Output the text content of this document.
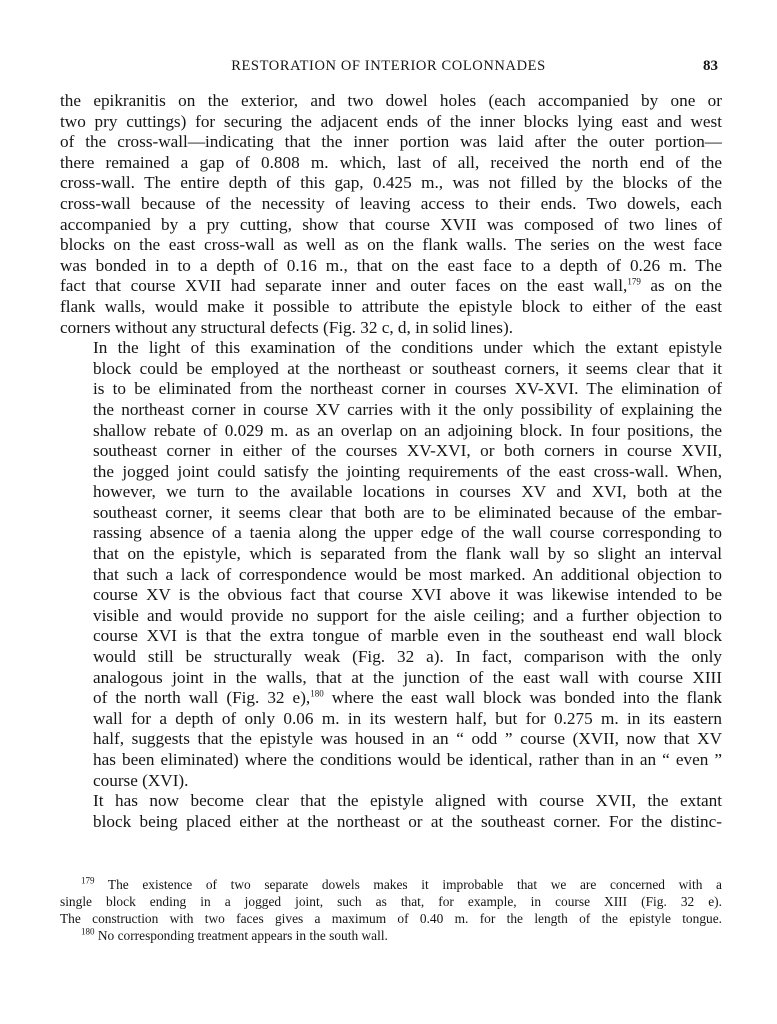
RESTORATION OF INTERIOR COLONNADES	83

the epikranitis on the exterior, and two dowel holes (each accompanied by one or
two pry cuttings) for securing the adjacent ends of the inner blocks lying east and west
of the cross-wall—indicating that the inner portion was laid after the outer portion—
there remained a gap of 0.808 m. which, last of all, received the north end of the
cross-wall. The entire depth of this gap, 0.425 m., was not filled by the blocks of the
cross-wall because of the necessity of leaving access to their ends. Two dowels, each
accompanied by a pry cutting, show that course XVII was composed of two lines of
blocks on the east cross-wall as well as on the flank walls. The series on the west face
was bonded in to a depth of 0.16 m., that on the east face to a depth of 0.26 m. The
fact that course XVII had separate inner and outer faces on the east wall,$^{179}$ as on the
flank walls, would make it possible to attribute the epistyle block to either of the east
corners without any structural defects (Fig. 32 c, d, in solid lines).

In the light of this examination of the conditions under which the extant epistyle
block could be employed at the northeast or southeast corners, it seems clear that it
is to be eliminated from the northeast corner in courses XV-XVI. The elimination of
the northeast corner in course XV carries with it the only possibility of explaining the
shallow rebate of 0.029 m. as an overlap on an adjoining block. In four positions, the
southeast corner in either of the courses XV-XVI, or both corners in course XVII,
the jogged joint could satisfy the jointing requirements of the east cross-wall. When,
however, we turn to the available locations in courses XV and XVI, both at the
southeast corner, it seems clear that both are to be eliminated because of the embar-
rassing absence of a taenia along the upper edge of the wall course corresponding to
that on the epistyle, which is separated from the flank wall by so slight an interval
that such a lack of correspondence would be most marked. An additional objection to
course XV is the obvious fact that course XVI above it was likewise intended to be
visible and would provide no support for the aisle ceiling; and a further objection to
course XVI is that the extra tongue of marble even in the southeast end wall block
would still be structurally weak (Fig. 32 a). In fact, comparison with the only
analogous joint in the walls, that at the junction of the east wall with course XIII
of the north wall (Fig. 32 e),$^{180}$ where the east wall block was bonded into the flank
wall for a depth of only 0.06 m. in its western half, but for 0.275 m. in its eastern
half, suggests that the epistyle was housed in an “ odd ” course (XVII, now that XV
has been eliminated) where the conditions would be identical, rather than in an “ even ”
course (XVI).

It has now become clear that the epistyle aligned with course XVII, the extant
block being placed either at the northeast or at the southeast corner. For the distinc-

$^{179}$ The existence of two separate dowels makes it improbable that we are concerned with a
single block ending in a jogged joint, such as that, for example, in course XIII (Fig. 32 e).
The construction with two faces gives a maximum of 0.40 m. for the length of the epistyle tongue.
$^{180}$ No corresponding treatment appears in the south wall.
